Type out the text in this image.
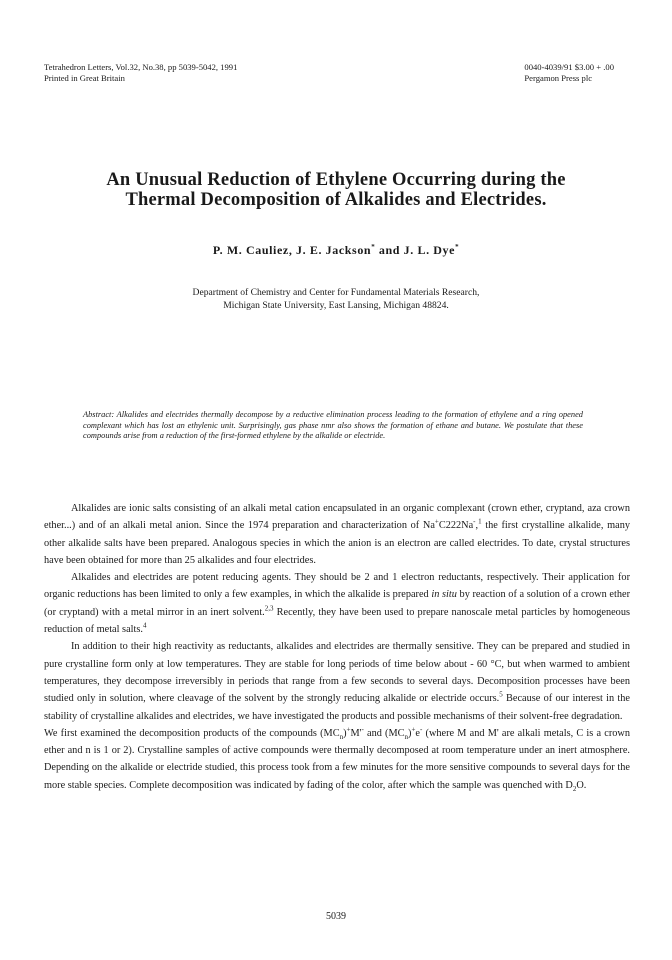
Tetrahedron Letters, Vol.32, No.38, pp 5039-5042, 1991
Printed in Great Britain
0040-4039/91 $3.00 + .00
Pergamon Press plc
An Unusual Reduction of Ethylene Occurring during the
Thermal Decomposition of Alkalides and Electrides.
P. M. Cauliez, J. E. Jackson* and J. L. Dye*
Department of Chemistry and Center for Fundamental Materials Research,
Michigan State University, East Lansing, Michigan 48824.
Abstract: Alkalides and electrides thermally decompose by a reductive elimination process leading to the formation of ethylene and a ring opened complexant which has lost an ethylenic unit. Surprisingly, gas phase nmr also shows the formation of ethane and butane. We postulate that these compounds arise from a reduction of the first-formed ethylene by the alkalide or electride.

Alkalides are ionic salts consisting of an alkali metal cation encapsulated in an organic complexant (crown ether, cryptand, aza crown ether...) and of an alkali metal anion. Since the 1974 preparation and characterization of Na+C222Na-,$^1$ the first crystalline alkalide, many other alkalide salts have been prepared. Analogous species in which the anion is an electron are called electrides. To date, crystal structures have been obtained for more than 25 alkalides and four electrides.

Alkalides and electrides are potent reducing agents. They should be 2 and 1 electron reductants, respectively. Their application for organic reductions has been limited to only a few examples, in which the alkalide is prepared in situ by reaction of a solution of a crown ether (or cryptand) with a metal mirror in an inert solvent.$^{2,3}$ Recently, they have been used to prepare nanoscale metal particles by homogeneous reduction of metal salts.$^4$

In addition to their high reactivity as reductants, alkalides and electrides are thermally sensitive. They can be prepared and studied in pure crystalline form only at low temperatures. They are stable for long periods of time below about - 60 °C, but when warmed to ambient temperatures, they decompose irreversibly in periods that range from a few seconds to several days. Decomposition processes have been studied only in solution, where cleavage of the solvent by the strongly reducing alkalide or electride occurs.$^5$ Because of our interest in the stability of crystalline alkalides and electrides, we have investigated the products and possible mechanisms of their solvent-free degradation.

We first examined the decomposition products of the compounds $(MC_n)^+M'^-$ and $(MC_n)^+e^-$ (where M and M' are alkali metals, C is a crown ether and n is 1 or 2). Crystalline samples of active compounds were thermally decomposed at room temperature under an inert atmosphere. Depending on the alkalide or electride studied, this process took from a few minutes for the more sensitive compounds to several days for the more stable species. Complete decomposition was indicated by fading of the color, after which the sample was quenched with $D_2O$.

5039
